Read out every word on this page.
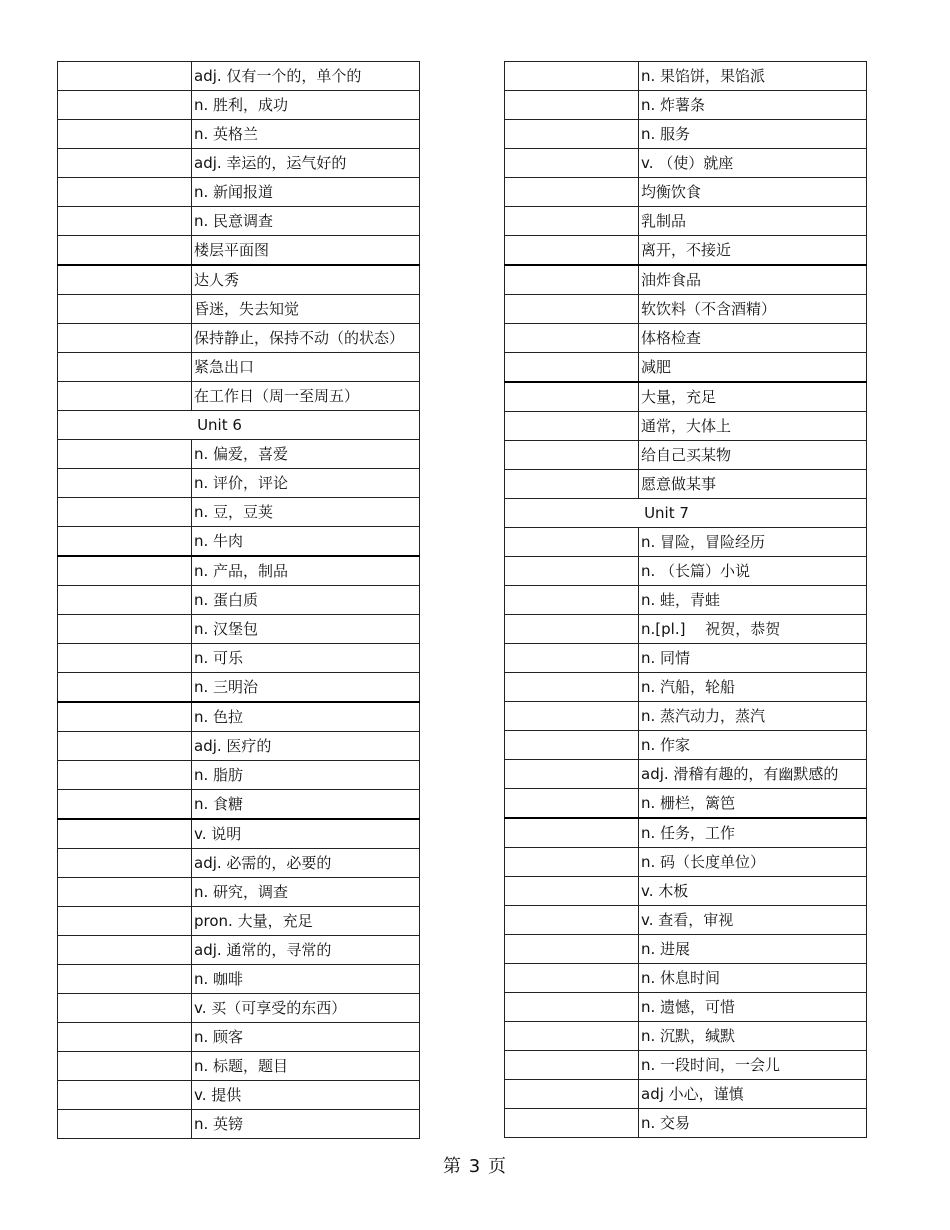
	adj. 仅有一个的，单个的
	n. 胜利，成功
	n. 英格兰
	adj. 幸运的，运气好的
	n. 新闻报道
	n. 民意调查
	楼层平面图
	达人秀
	昏迷，失去知觉
	保持静止，保持不动（的状态）
	紧急出口
	在工作日（周一至周五）
Unit 6	
	n. 偏爱，喜爱
	n. 评价，评论
	n. 豆，豆荚
	n. 牛肉
	n. 产品，制品
	n. 蛋白质
	n. 汉堡包
	n. 可乐
	n. 三明治
	n. 色拉
	adj. 医疗的
	n. 脂肪
	n. 食糖
	v. 说明
	adj. 必需的，必要的
	n. 研究，调查
	pron. 大量，充足
	adj. 通常的，寻常的
	n. 咖啡
	v. 买（可享受的东西）
	n. 顾客
	n. 标题，题目
	v. 提供
	n. 英镑
	n. 果馅饼，果馅派
	n. 炸薯条
	n. 服务
	v. （使）就座
	均衡饮食
	乳制品
	离开，不接近
	油炸食品
	软饮料（不含酒精）
	体格检查
	减肥
	大量，充足
	通常，大体上
	给自己买某物
	愿意做某事
Unit 7	
	n. 冒险，冒险经历
	n. （长篇）小说
	n. 蛙，青蛙
	n.[pl.]　 祝贺，恭贺
	n. 同情
	n. 汽船，轮船
	n. 蒸汽动力，蒸汽
	n. 作家
	adj. 滑稽有趣的，有幽默感的
	n. 栅栏，篱笆
	n. 任务，工作
	n. 码（长度单位）
	v. 木板
	v. 查看，审视
	n. 进展
	n. 休息时间
	n. 遗憾，可惜
	n. 沉默，缄默
	n. 一段时间，一会儿
	adj 小心，谨慎
	n. 交易
第 3 页
